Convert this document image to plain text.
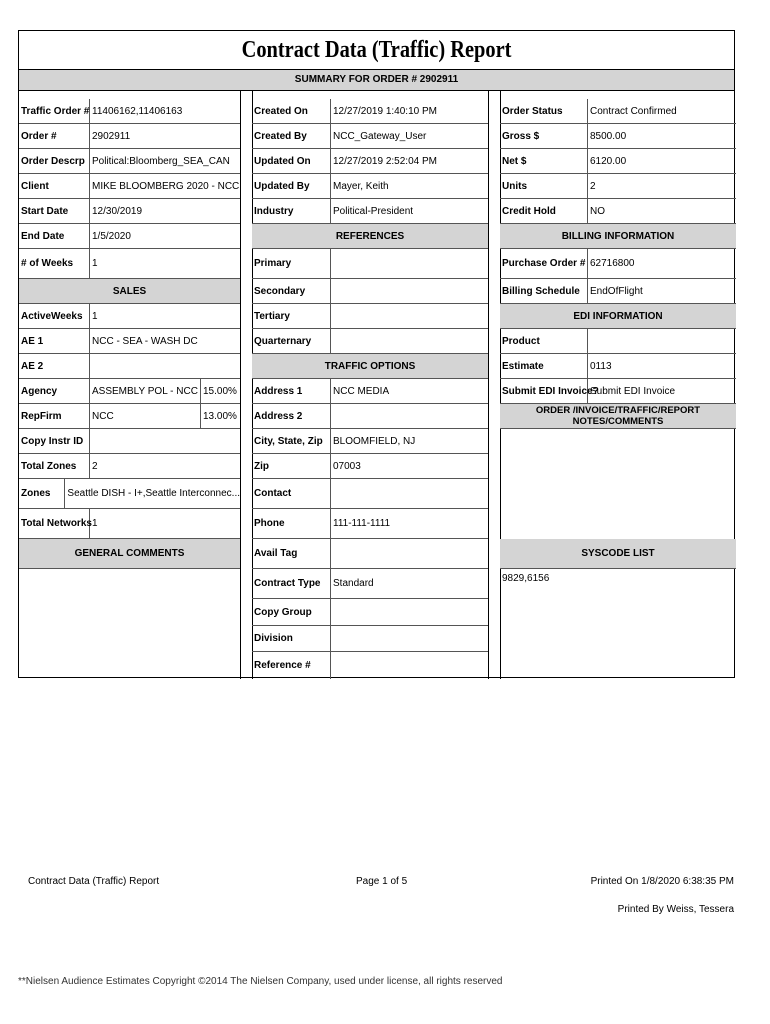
Contract Data (Traffic) Report
SUMMARY FOR ORDER # 2902911
Traffic Order # 11406162,11406163
Order #	2902911
Order Descrp Political:Bloomberg_SEA_CAN
Client	MIKE BLOOMBERG 2020 - NCC
Start Date	12/30/2019
End Date	1/5/2020
# of Weeks	1
SALES
ActiveWeeks 1
AE 1	NCC - SEA - WASH DC
AE 2
Agency	ASSEMBLY POL - NCC 15.00%
RepFirm	NCC	13.00%
Copy Instr ID
Total Zones	2
Zones	Seattle DISH - I+,Seattle Interconnec...
Total Networks 1
GENERAL COMMENTS
Created On	12/27/2019 1:40:10 PM
Created By	NCC_Gateway_User
Updated On	12/27/2019 2:52:04 PM
Updated By	Mayer, Keith
Industry	Political-President
REFERENCES
Primary
Secondary
Tertiary
Quarternary
TRAFFIC OPTIONS
Address 1	NCC MEDIA
Address 2
City, State, Zip	BLOOMFIELD, NJ
Zip	07003
Contact
Phone	111-111-1111
Avail Tag
Contract Type	Standard
Copy Group
Division
Reference #
Order Status	Contract Confirmed
Gross $	8500.00
Net $	6120.00
Units	2
Credit Hold	NO
BILLING INFORMATION
Purchase Order # 62716800
Billing Schedule	EndOfFlight
EDI INFORMATION
Product
Estimate	0113
Submit EDI Invoice?
Submit EDI Invoice
ORDER /INVOICE/TRAFFIC/REPORT NOTES/COMMENTS
SYSCODE LIST
9829,6156
Contract Data (Traffic) Report	Page 1 of 5	Printed On 1/8/2020 6:38:35 PM
Printed By Weiss, Tessera
**Nielsen Audience Estimates Copyright ©2014 The Nielsen Company, used under license, all rights reserved
